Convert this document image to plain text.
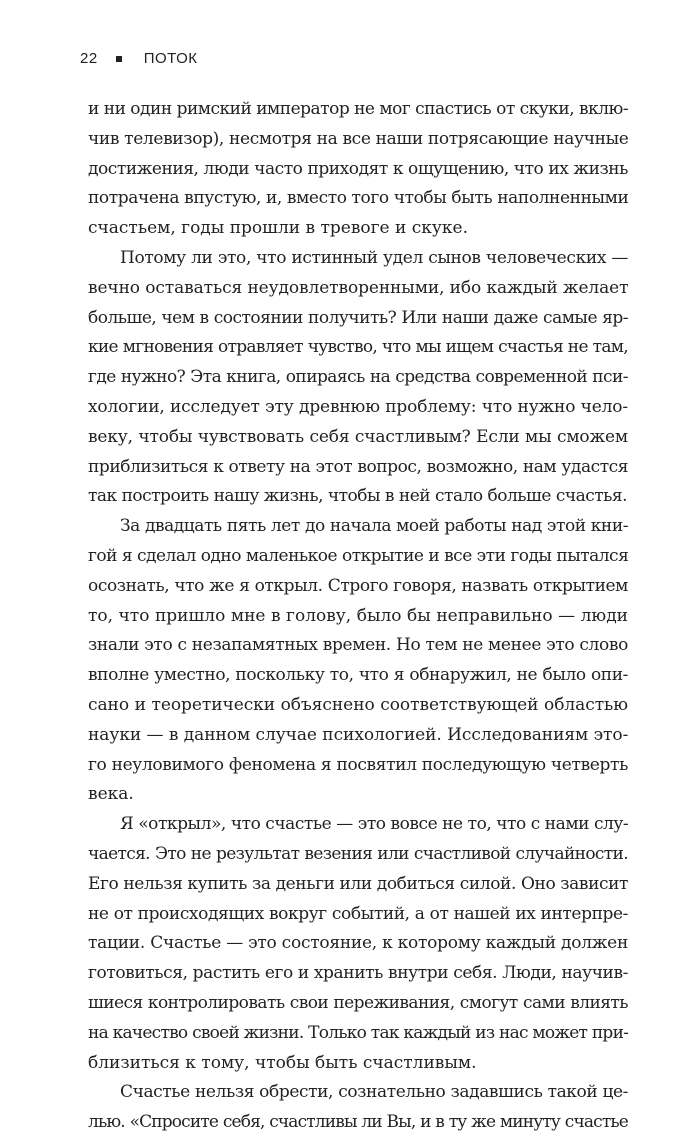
22	ПОТОК
и ни один римский император не мог спастись от скуки, вклю-
чив телевизор), несмотря на все наши потрясающие научные
достижения, люди часто приходят к ощущению, что их жизнь
потрачена впустую, и, вместо того чтобы быть наполненными
счастьем, годы прошли в тревоге и скуке.
Потому ли это, что истинный удел сынов человеческих —
вечно оставаться неудовлетворенными, ибо каждый желает
больше, чем в состоянии получить? Или наши даже самые яр-
кие мгновения отравляет чувство, что мы ищем счастья не там,
где нужно? Эта книга, опираясь на средства современной пси-
хологии, исследует эту древнюю проблему: что нужно чело-
веку, чтобы чувствовать себя счастливым? Если мы сможем
приблизиться к ответу на этот вопрос, возможно, нам удастся
так построить нашу жизнь, чтобы в ней стало больше счастья.
За двадцать пять лет до начала моей работы над этой кни-
гой я сделал одно маленькое открытие и все эти годы пытался
осознать, что же я открыл. Строго говоря, назвать открытием
то, что пришло мне в голову, было бы неправильно — люди
знали это с незапамятных времен. Но тем не менее это слово
вполне уместно, поскольку то, что я обнаружил, не было опи-
сано и теоретически объяснено соответствующей областью
науки — в данном случае психологией. Исследованиям это-
го неуловимого феномена я посвятил последующую четверть
века.
Я «открыл», что счастье — это вовсе не то, что с нами слу-
чается. Это не результат везения или счастливой случайности.
Его нельзя купить за деньги или добиться силой. Оно зависит
не от происходящих вокруг событий, а от нашей их интерпре-
тации. Счастье — это состояние, к которому каждый должен
готовиться, растить его и хранить внутри себя. Люди, научив-
шиеся контролировать свои переживания, смогут сами влиять
на качество своей жизни. Только так каждый из нас может при-
близиться к тому, чтобы быть счастливым.
Счастье нельзя обрести, сознательно задавшись такой це-
лью. «Спросите себя, счастливы ли Вы, и в ту же минуту счастье
